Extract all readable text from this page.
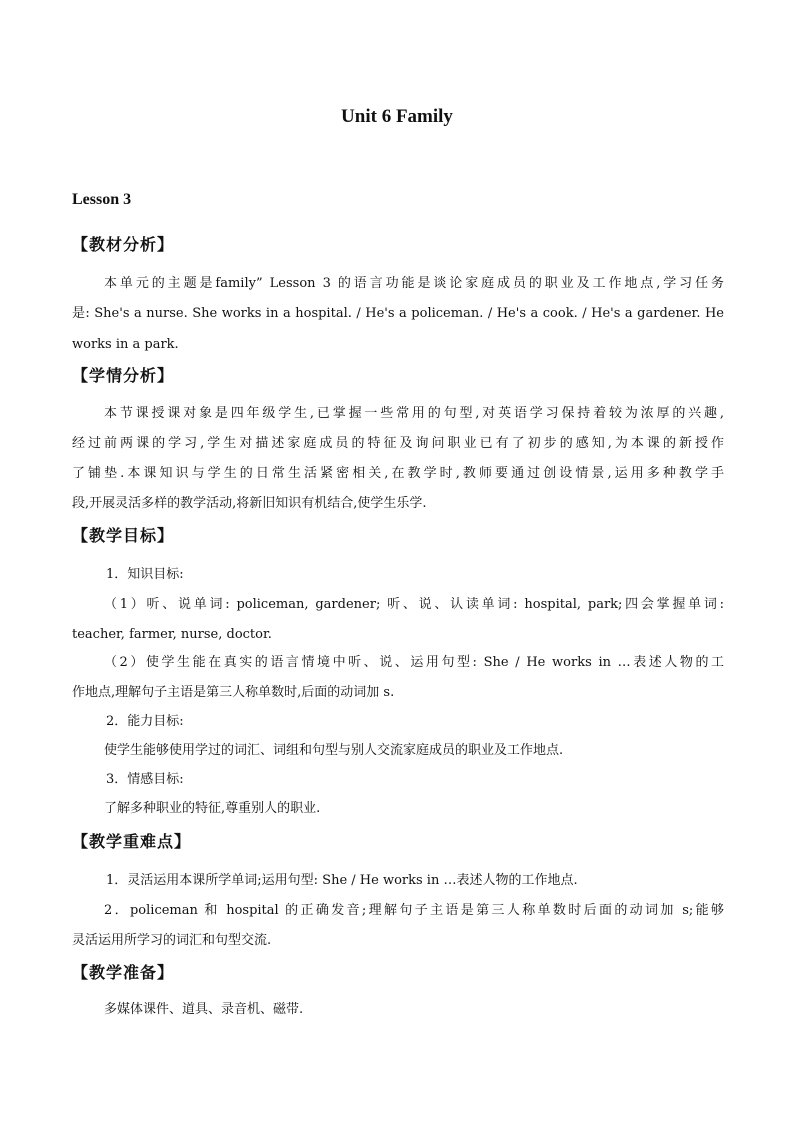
Unit 6 Family
Lesson 3
【教材分析】
本单元的主题是family” Lesson 3 的语言功能是谈论家庭成员的职业及工作地点,学习任务
是: She's a nurse. She works in a hospital. / He's a policeman. / He's a cook. / He's a gardener. He
works in a park.
【学情分析】
本节课授课对象是四年级学生,已掌握一些常用的句型,对英语学习保持着较为浓厚的兴趣,
经过前两课的学习,学生对描述家庭成员的特征及询问职业已有了初步的感知,为本课的新授作
了铺垫.本课知识与学生的日常生活紧密相关,在教学时,教师要通过创设情景,运用多种教学手
段,开展灵活多样的教学活动,将新旧知识有机结合,使学生乐学.
【教学目标】
1．知识目标:
（1）听、说单词: policeman, gardener; 听、说、认读单词: hospital, park;四会掌握单词:
teacher, farmer, nurse, doctor.
（2）使学生能在真实的语言情境中听、说、运用句型: She / He works in …表述人物的工
作地点,理解句子主语是第三人称单数时,后面的动词加 s.
2．能力目标:
使学生能够使用学过的词汇、词组和句型与别人交流家庭成员的职业及工作地点.
3．情感目标:
了解多种职业的特征,尊重别人的职业.
【教学重难点】
1．灵活运用本课所学单词;运用句型: She / He works in …表述人物的工作地点.
2．policeman 和 hospital 的正确发音;理解句子主语是第三人称单数时后面的动词加 s;能够
灵活运用所学习的词汇和句型交流.
【教学准备】
多媒体课件、道具、录音机、磁带.
